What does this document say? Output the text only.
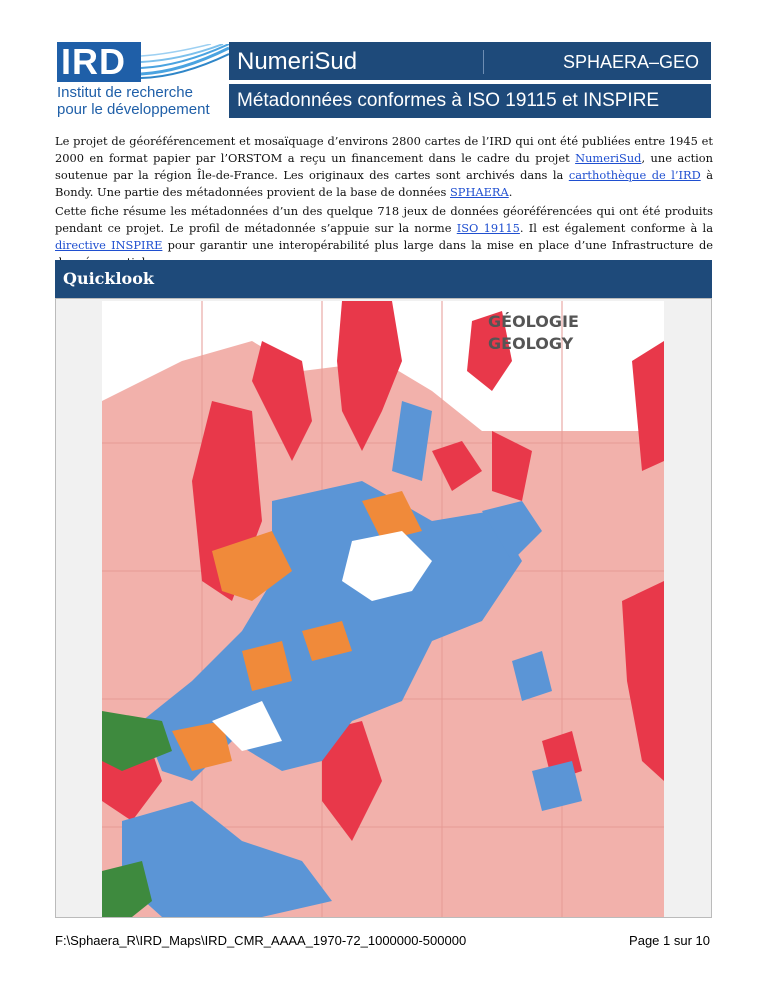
IRD
Institut de recherche
pour le développement
NumeriSud	SPHAERA–GEO
Métadonnées conformes à ISO 19115 et INSPIRE

Le projet de géoréférencement et mosaïquage d’environs 2800 cartes de l’IRD qui ont été publiées entre 1945 et 2000 en format papier par l’ORSTOM a reçu un financement dans le cadre du projet NumeriSud, une action soutenue par la région Île-de-France. Les originaux des cartes sont archivés dans la carthothèque de l’IRD à Bondy. Une partie des métadonnées provient de la base de données SPHAERA.

Cette fiche résume les métadonnées d’un des quelque 718 jeux de données géoréférencées qui ont été produits pendant ce projet. Le profil de métadonnée s’appuie sur la norme ISO 19115. Il est également conforme à la directive INSPIRE pour garantir une interopérabilité plus large dans la mise en place d’une Infrastructure de

Quicklook
GÉOLOGIE
GEOLOGY
F:\Sphaera_R\IRD_Maps\IRD_CMR_AAAA_1970-72_1000000-500000	Page 1 sur 10
